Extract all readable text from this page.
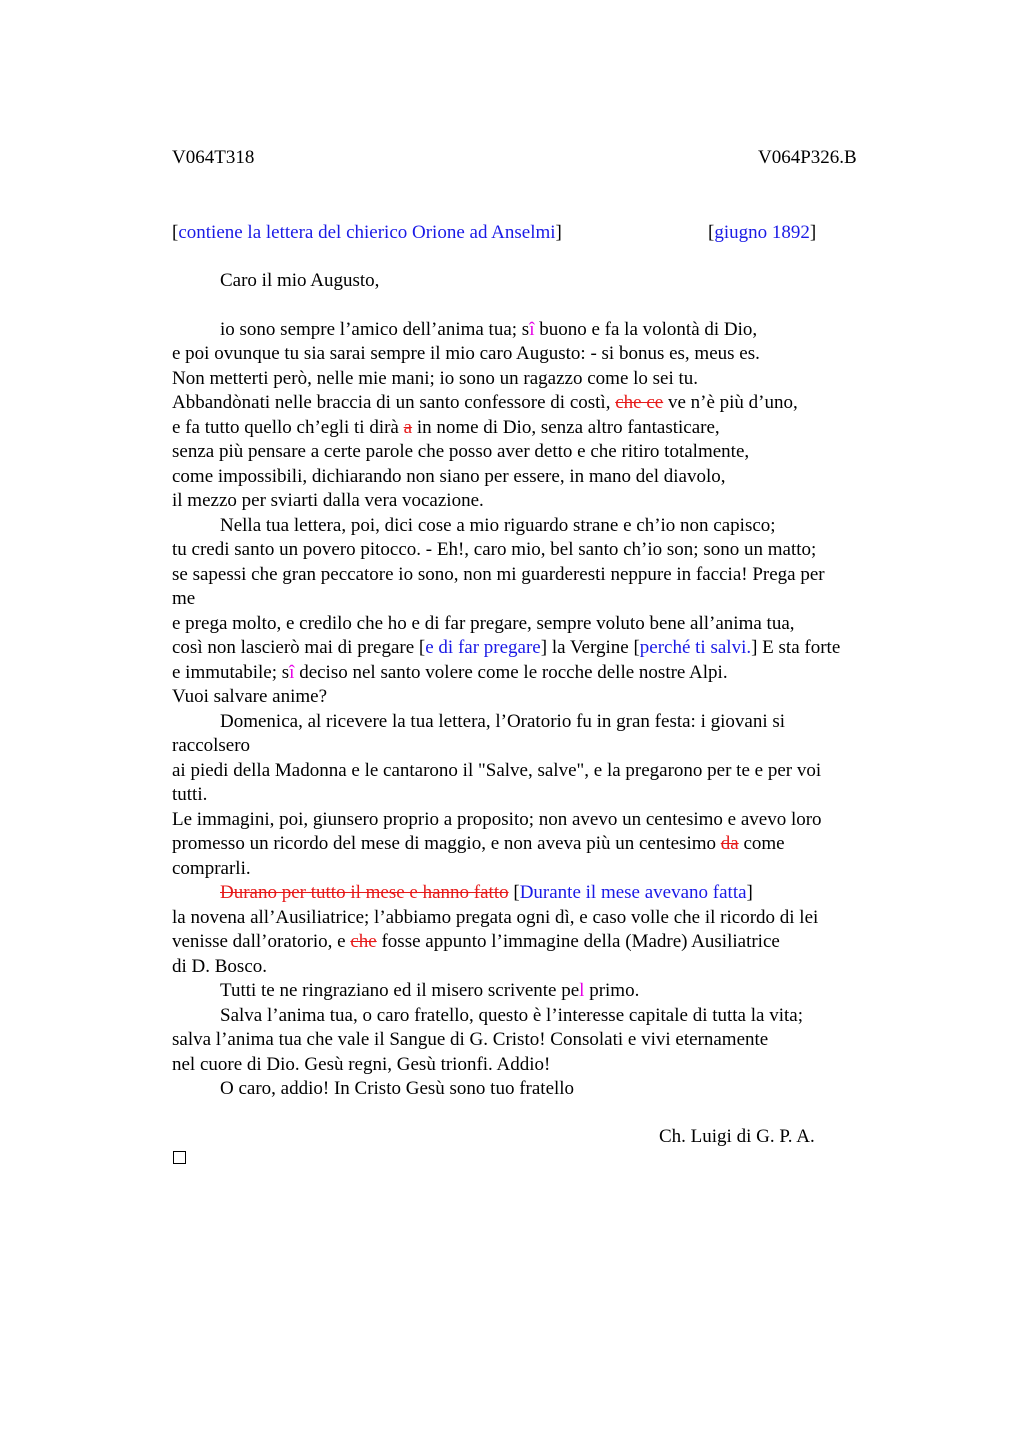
V064T318	V064P326.B
[contiene la lettera del chierico Orione ad Anselmi]	[giugno 1892]
Caro il mio Augusto,
io sono sempre l’amico dell’anima tua; sî buono e fa la volontà di Dio,
e poi ovunque tu sia sarai sempre il mio caro Augusto: - si bonus es, meus es.
Non metterti però, nelle mie mani; io sono un ragazzo come lo sei tu.
Abbandònati nelle braccia di un santo confessore di costì, che ce ve n’è più d’uno,
e fa tutto quello ch’egli ti dirà a in nome di Dio, senza altro fantasticare,
senza più pensare a certe parole che posso aver detto e che ritiro totalmente,
come impossibili, dichiarando non siano per essere, in mano del diavolo,
il mezzo per sviarti dalla vera vocazione.
Nella tua lettera, poi, dici cose a mio riguardo strane e ch’io non capisco;
tu credi santo un povero pitocco. - Eh!, caro mio, bel santo ch’io son; sono un matto;
se sapessi che gran peccatore io sono, non mi guarderesti neppure in faccia! Prega per
me
e prega molto, e credilo che ho e di far pregare, sempre voluto bene all’anima tua,
così non lascierò mai di pregare [e di far pregare] la Vergine [perché ti salvi.] E sta forte
e immutabile; sî deciso nel santo volere come le rocche delle nostre Alpi.
Vuoi salvare anime?
Domenica, al ricevere la tua lettera, l’Oratorio fu in gran festa: i giovani si
raccolsero
ai piedi della Madonna e le cantarono il "Salve, salve", e la pregarono per te e per voi
tutti.
Le immagini, poi, giunsero proprio a proposito; non avevo un centesimo e avevo loro
promesso un ricordo del mese di maggio, e non aveva più un centesimo da come
comprarli.
Durano per tutto il mese e hanno fatto [Durante il mese avevano fatta]
la novena all’Ausiliatrice; l’abbiamo pregata ogni dì, e caso volle che il ricordo di lei
venisse dall’oratorio, e che fosse appunto l’immagine della (Madre) Ausiliatrice
di D. Bosco.
Tutti te ne ringraziano ed il misero scrivente pel primo.
Salva l’anima tua, o caro fratello, questo è l’interesse capitale di tutta la vita;
salva l’anima tua che vale il Sangue di G. Cristo! Consolati e vivi eternamente
nel cuore di Dio. Gesù regni, Gesù trionfi. Addio!
O caro, addio! In Cristo Gesù sono tuo fratello
Ch. Luigi di G. P. A.
